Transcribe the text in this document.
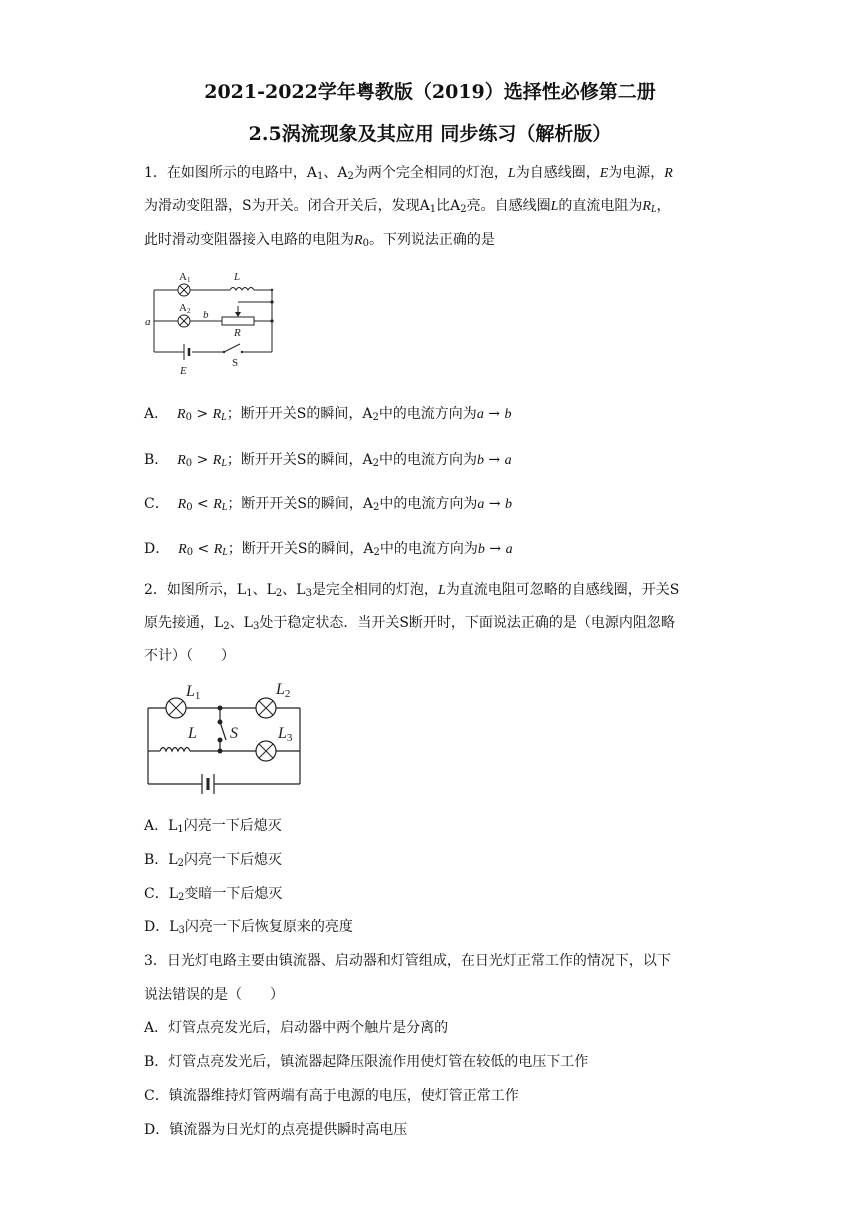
2021-2022学年粤教版（2019）选择性必修第二册
2.5涡流现象及其应用 同步练习（解析版）
1．在如图所示的电路中，$A_1$、$A_2$为两个完全相同的灯泡，L为自感线圈，E为电源，R
为滑动变阻器，S为开关。闭合开关后，发现$A_1$比$A_2$亮。自感线圈L的直流电阻为$R_L$，
此时滑动变阻器接入电路的电阻为$R_0$。下列说法正确的是
A1
A2
L
R
a
b
E
S
A． $R_0 > R_L$；断开开关S的瞬间，$A_2$中的电流方向为a → b
B． $R_0 > R_L$；断开开关S的瞬间，$A_2$中的电流方向为b → a
C． $R_0 < R_L$；断开开关S的瞬间，$A_2$中的电流方向为a → b
D． $R_0 < R_L$；断开开关S的瞬间，$A_2$中的电流方向为b → a
2．如图所示，$L_1$、$L_2$、$L_3$是完全相同的灯泡，L为直流电阻可忽略的自感线圈，开关S
原先接通，$L_2$、$L_3$处于稳定状态．当开关S断开时，下面说法正确的是（电源内阻忽略
不计）（　　）
L1	L2
L3
L S
A．$L_1$闪亮一下后熄灭
B．$L_2$闪亮一下后熄灭
C．$L_2$变暗一下后熄灭
D．$L_3$闪亮一下后恢复原来的亮度
3．日光灯电路主要由镇流器、启动器和灯管组成，在日光灯正常工作的情况下，以下
说法错误的是（　　）
A．灯管点亮发光后，启动器中两个触片是分离的
B．灯管点亮发光后，镇流器起降压限流作用使灯管在较低的电压下工作
C．镇流器维持灯管两端有高于电源的电压，使灯管正常工作
D．镇流器为日光灯的点亮提供瞬时高电压
